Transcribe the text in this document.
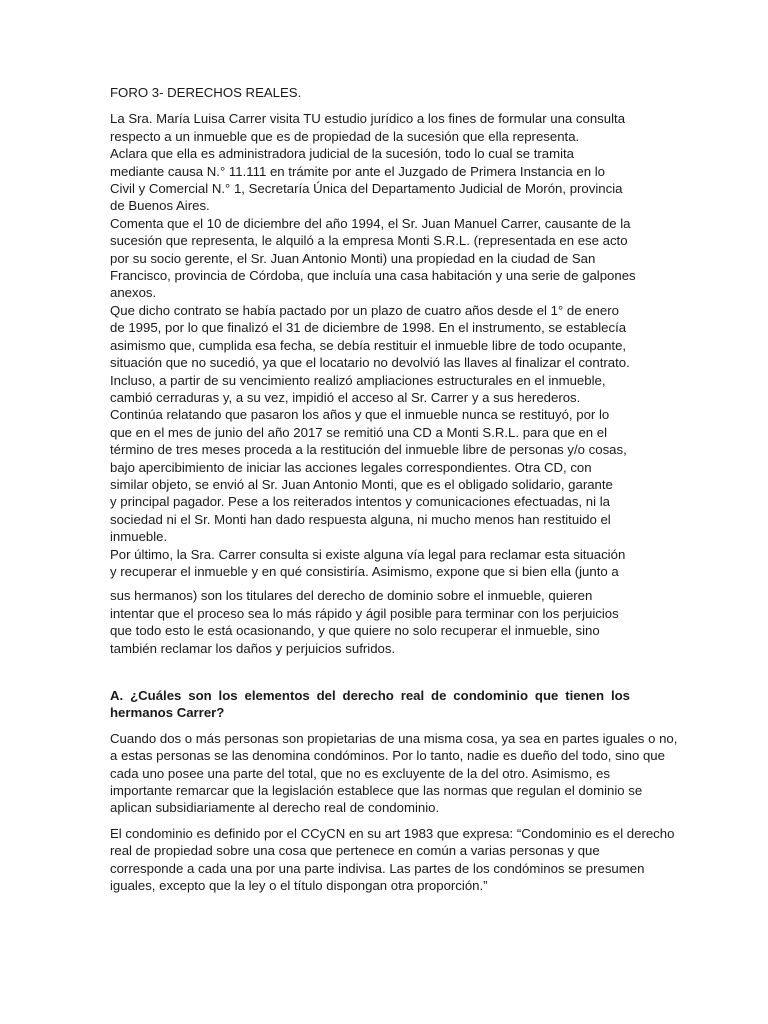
FORO 3- DERECHOS REALES.
La Sra. María Luisa Carrer visita TU estudio jurídico a los fines de formular una consulta
respecto a un inmueble que es de propiedad de la sucesión que ella representa.
Aclara que ella es administradora judicial de la sucesión, todo lo cual se tramita
mediante causa N.° 11.111 en trámite por ante el Juzgado de Primera Instancia en lo
Civil y Comercial N.° 1, Secretaría Única del Departamento Judicial de Morón, provincia
de Buenos Aires.
Comenta que el 10 de diciembre del año 1994, el Sr. Juan Manuel Carrer, causante de la
sucesión que representa, le alquiló a la empresa Monti S.R.L. (representada en ese acto
por su socio gerente, el Sr. Juan Antonio Monti) una propiedad en la ciudad de San
Francisco, provincia de Córdoba, que incluía una casa habitación y una serie de galpones
anexos.
Que dicho contrato se había pactado por un plazo de cuatro años desde el 1° de enero
de 1995, por lo que finalizó el 31 de diciembre de 1998. En el instrumento, se establecía
asimismo que, cumplida esa fecha, se debía restituir el inmueble libre de todo ocupante,
situación que no sucedió, ya que el locatario no devolvió las llaves al finalizar el contrato.
Incluso, a partir de su vencimiento realizó ampliaciones estructurales en el inmueble,
cambió cerraduras y, a su vez, impidió el acceso al Sr. Carrer y a sus herederos.
Continúa relatando que pasaron los años y que el inmueble nunca se restituyó, por lo
que en el mes de junio del año 2017 se remitió una CD a Monti S.R.L. para que en el
término de tres meses proceda a la restitución del inmueble libre de personas y/o cosas,
bajo apercibimiento de iniciar las acciones legales correspondientes. Otra CD, con
similar objeto, se envió al Sr. Juan Antonio Monti, que es el obligado solidario, garante
y principal pagador. Pese a los reiterados intentos y comunicaciones efectuadas, ni la
sociedad ni el Sr. Monti han dado respuesta alguna, ni mucho menos han restituido el
inmueble.
Por último, la Sra. Carrer consulta si existe alguna vía legal para reclamar esta situación
y recuperar el inmueble y en qué consistiría. Asimismo, expone que si bien ella (junto a
sus hermanos) son los titulares del derecho de dominio sobre el inmueble, quieren
intentar que el proceso sea lo más rápido y ágil posible para terminar con los perjuicios
que todo esto le está ocasionando, y que quiere no solo recuperar el inmueble, sino
también reclamar los daños y perjuicios sufridos.
A. ¿Cuáles son los elementos del derecho real de condominio que tienen los
hermanos Carrer?
Cuando dos o más personas son propietarias de una misma cosa, ya sea en partes iguales o no,
a estas personas se las denomina condóminos. Por lo tanto, nadie es dueño del todo, sino que
cada uno posee una parte del total, que no es excluyente de la del otro. Asimismo, es
importante remarcar que la legislación establece que las normas que regulan el dominio se
aplican subsidiariamente al derecho real de condominio.
El condominio es definido por el CCyCN en su art 1983 que expresa: “Condominio es el derecho
real de propiedad sobre una cosa que pertenece en común a varias personas y que
corresponde a cada una por una parte indivisa. Las partes de los condóminos se presumen
iguales, excepto que la ley o el título dispongan otra proporción.”
